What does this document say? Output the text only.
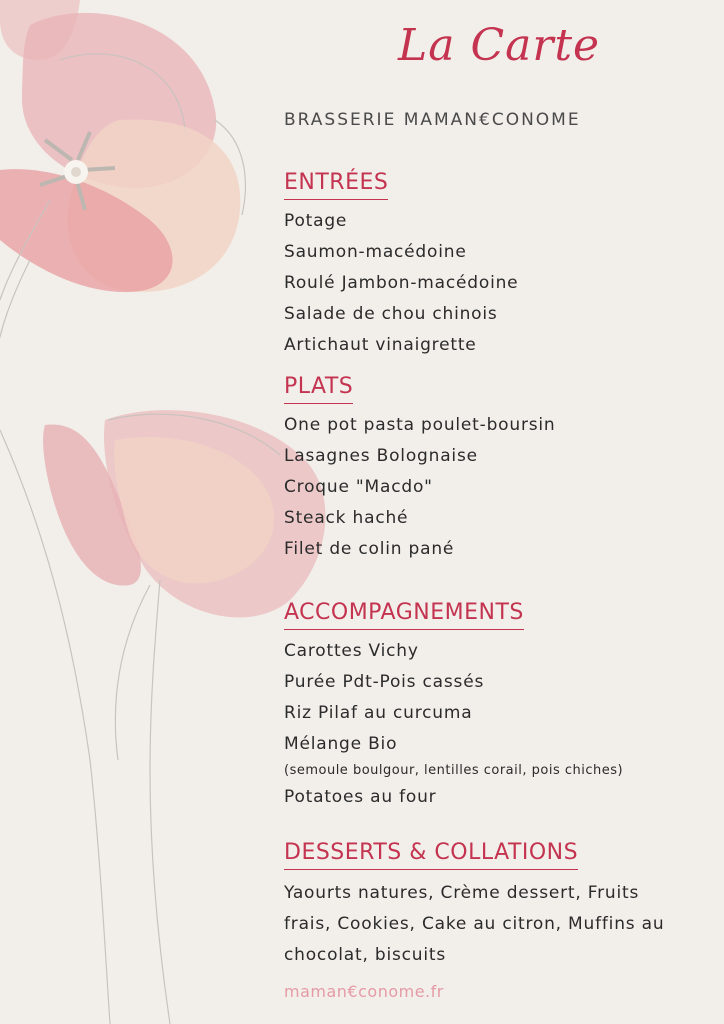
La Carte
BRASSERIE MAMAN€CONOME
ENTRÉES
Potage
Saumon-macédoine
Roulé Jambon-macédoine
Salade de chou chinois
Artichaut vinaigrette
PLATS
One pot pasta poulet-boursin
Lasagnes Bolognaise
Croque "Macdo"
Steack haché
Filet de colin pané
ACCOMPAGNEMENTS
Carottes Vichy
Purée Pdt-Pois cassés
Riz Pilaf au curcuma
Mélange Bio
(semoule boulgour, lentilles corail, pois chiches)
Potatoes au four
DESSERTS & COLLATIONS
Yaourts natures, Crème dessert, Fruits frais, Cookies, Cake au citron, Muffins au chocolat, biscuits
maman€conome.fr
